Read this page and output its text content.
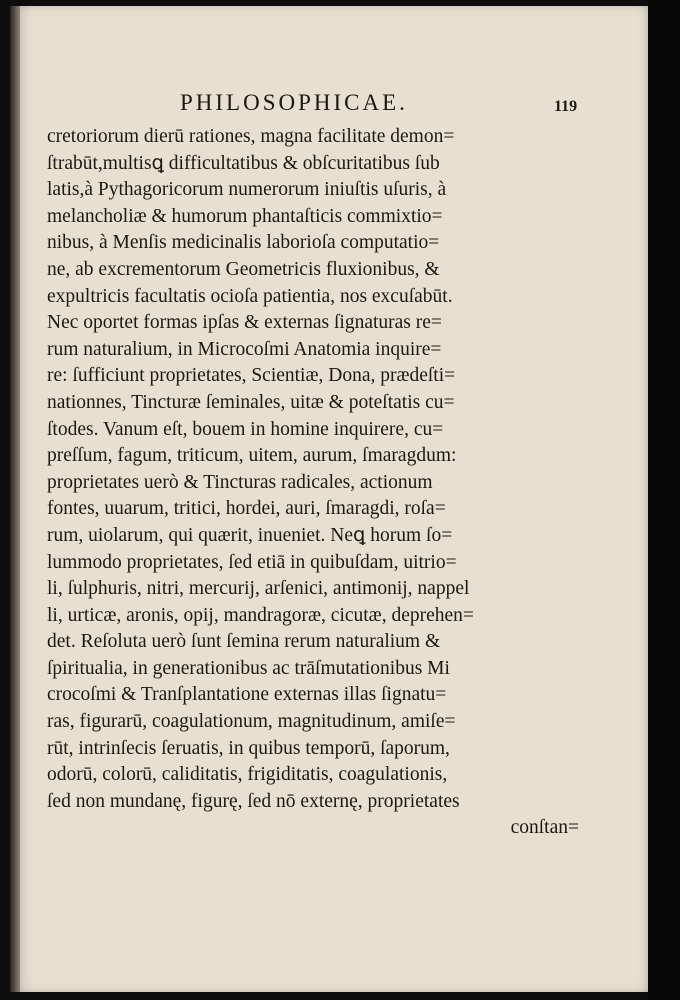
PHILOSOPHICAE.	119
cretoriorum dierū rationes, magna facilitate demon=
ſtrabūt,multisꝗ difficultatibus & obſcuritatibus ſub
latis,à Pythagoricorum numerorum iniuſtis uſuris, à
melancholiæ & humorum phantaſticis commixtio=
nibus, à Menſis medicinalis laborioſa computatio=
ne, ab excrementorum Geometricis fluxionibus, &
expultricis facultatis ocioſa patientia, nos excuſabūt.
Nec oportet formas ipſas & externas ſignaturas re=
rum naturalium, in Microcoſmi Anatomia inquire=
re: ſufficiunt proprietates, Scientiæ, Dona, prædeſti=
nationnes, Tincturæ ſeminales, uitæ & poteſtatis cu=
ſtodes. Vanum eſt, bouem in homine inquirere, cu=
preſſum, fagum, triticum, uitem, aurum, ſmaragdum:
proprietates uerò & Tincturas radicales, actionum
fontes, uuarum, tritici, hordei, auri, ſmaragdi, roſa=
rum, uiolarum, qui quærit, inueniet. Neꝗ horum ſo=
lummodo proprietates, ſed etiā in quibuſdam, uitrio=
li, ſulphuris, nitri, mercurij, arſenici, antimonij, nappel
li, urticæ, aronis, opij, mandragoræ, cicutæ, deprehen=
det. Reſoluta uerò ſunt ſemina rerum naturalium &
ſpiritualia, in generationibus ac trāſmutationibus Mi
crocoſmi & Tranſplantatione externas illas ſignatu=
ras, figurarū, coagulationum, magnitudinum, amiſe=
rūt, intrinſecis ſeruatis, in quibus temporū, ſaporum,
odorū, colorū, caliditatis, frigiditatis, coagulationis,
ſed non mundanę, figurę, ſed nō externę, proprietates
conſtan=
